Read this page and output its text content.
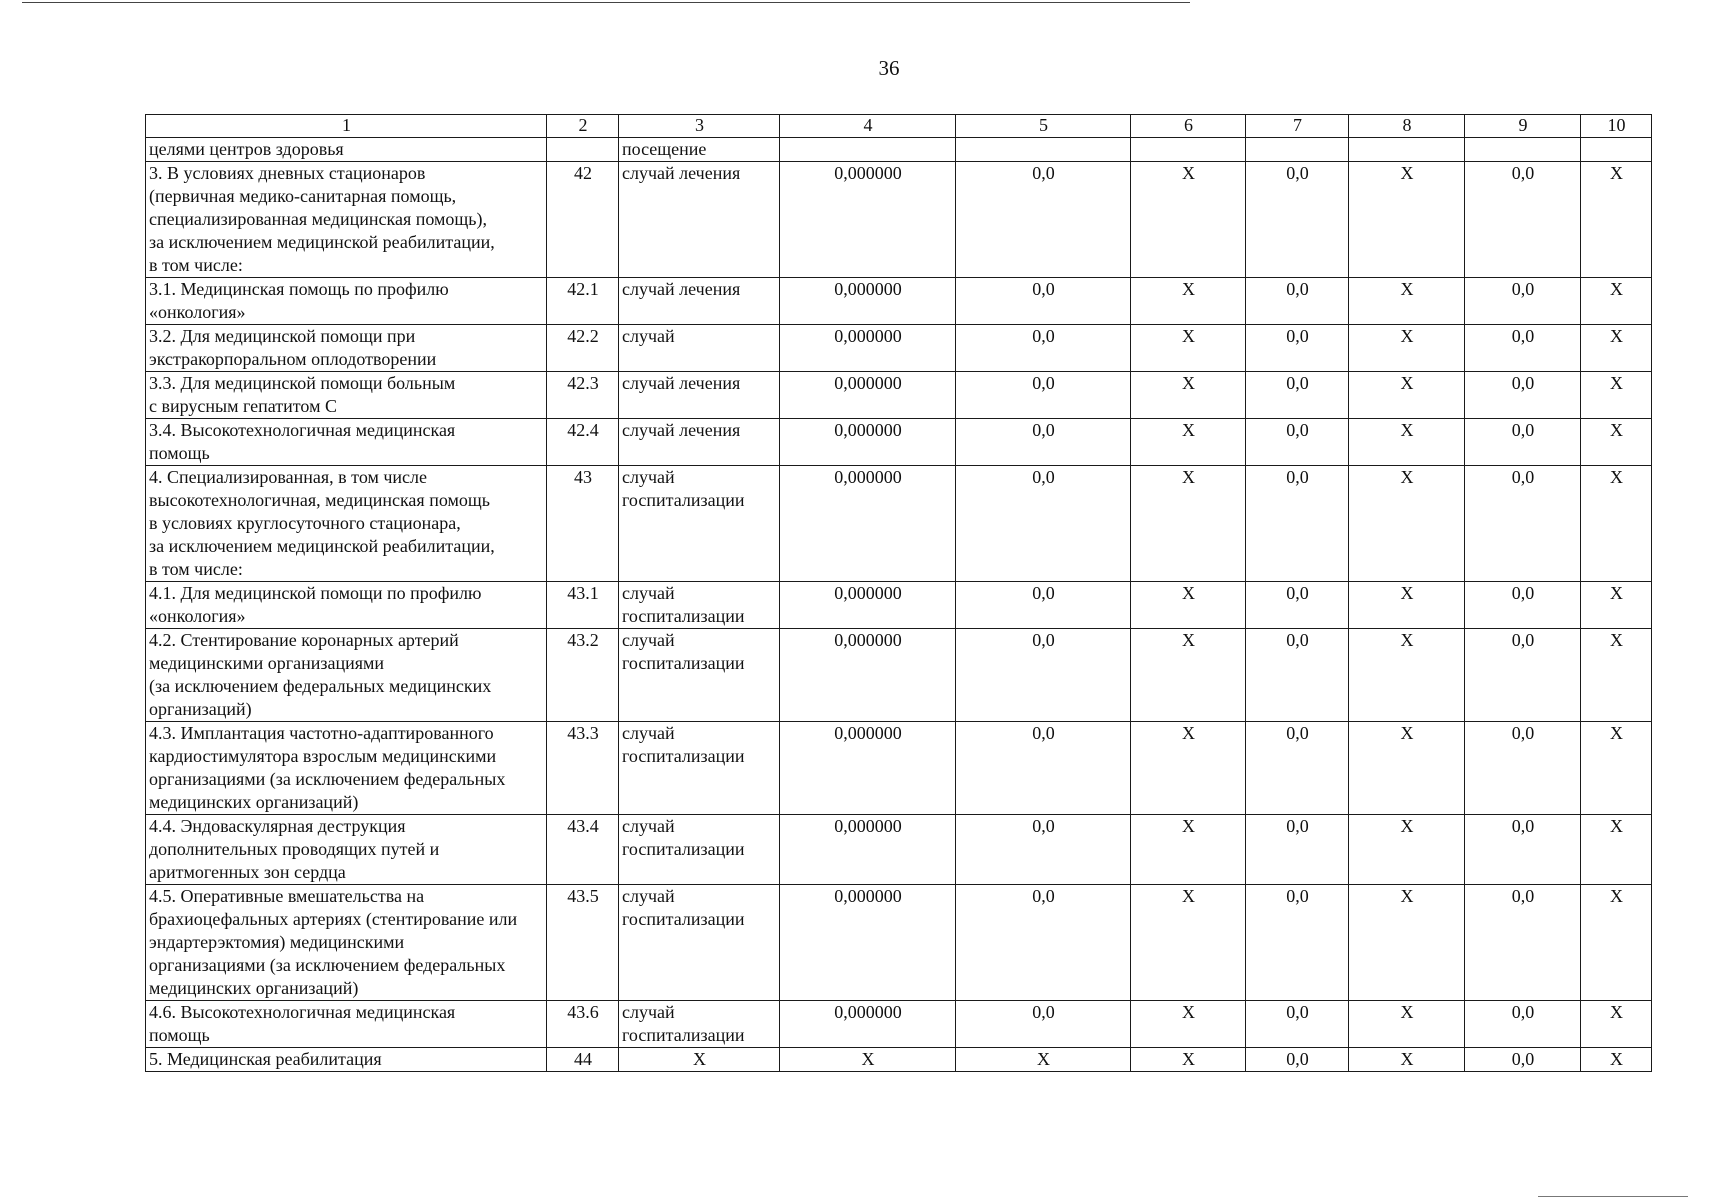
36
1	2	3	4	5	6	7	8	9	10

целями центров здоровья		посещение							

3. В условиях дневных стационаров
(первичная медико-санитарная помощь,
специализированная медицинская помощь),
за исключением медицинской реабилитации,
в том числе:	42	случай лечения	0,000000	0,0	X	0,0	X	0,0	X

3.1. Медицинская помощь по профилю
«онкология»	42.1	случай лечения	0,000000	0,0	X	0,0	X	0,0	X

3.2. Для медицинской помощи при
экстракорпоральном оплодотворении	42.2	случай	0,000000	0,0	X	0,0	X	0,0	X

3.3. Для медицинской помощи больным
с вирусным гепатитом С	42.3	случай лечения	0,000000	0,0	X	0,0	X	0,0	X

3.4. Высокотехнологичная медицинская
помощь	42.4	случай лечения	0,000000	0,0	X	0,0	X	0,0	X

4. Специализированная, в том числе
высокотехнологичная, медицинская помощь
в условиях круглосуточного стационара,
за исключением медицинской реабилитации,
в том числе:	43	случай
госпитализации	0,000000	0,0	X	0,0	X	0,0	X

4.1. Для медицинской помощи по профилю
«онкология»	43.1	случай
госпитализации	0,000000	0,0	X	0,0	X	0,0	X

4.2. Стентирование коронарных артерий
медицинскими организациями
(за исключением федеральных медицинских
организаций)	43.2	случай
госпитализации	0,000000	0,0	X	0,0	X	0,0	X

4.3. Имплантация частотно-адаптированного
кардиостимулятора взрослым медицинскими
организациями (за исключением федеральных
медицинских организаций)	43.3	случай
госпитализации	0,000000	0,0	X	0,0	X	0,0	X

4.4. Эндоваскулярная деструкция
дополнительных проводящих путей и
аритмогенных зон сердца	43.4	случай
госпитализации	0,000000	0,0	X	0,0	X	0,0	X

4.5. Оперативные вмешательства на
брахиоцефальных артериях (стентирование или
эндартерэктомия) медицинскими
организациями (за исключением федеральных
медицинских организаций)	43.5	случай
госпитализации	0,000000	0,0	X	0,0	X	0,0	X

4.6. Высокотехнологичная медицинская
помощь	43.6	случай
госпитализации	0,000000	0,0	X	0,0	X	0,0	X

5. Медицинская реабилитация	44	X	X	X	X	0,0	X	0,0	X
